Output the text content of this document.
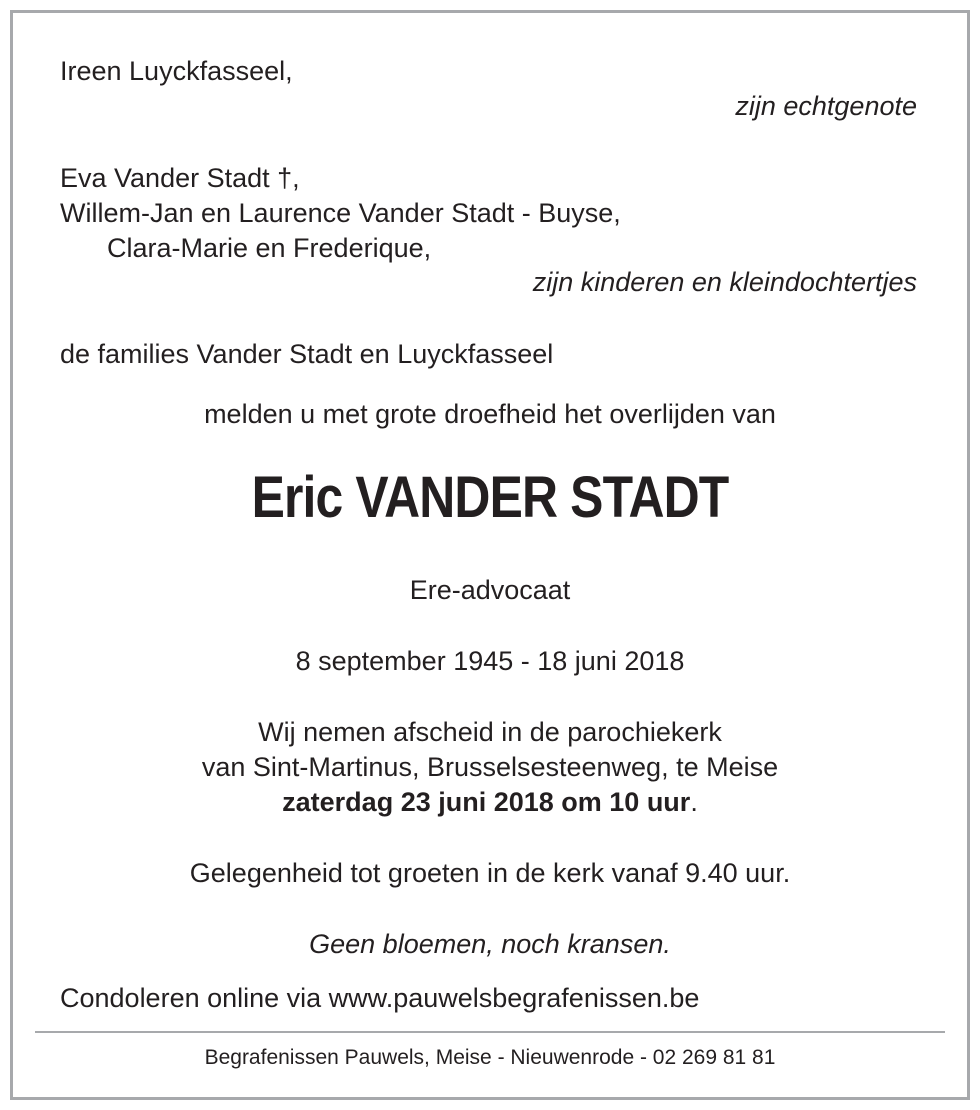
Ireen Luyckfasseel,
zijn echtgenote
Eva Vander Stadt †,
Willem-Jan en Laurence Vander Stadt - Buyse,
Clara-Marie en Frederique,
zijn kinderen en kleindochtertjes
de families Vander Stadt en Luyckfasseel
melden u met grote droefheid het overlijden van
Eric VANDER STADT
Ere-advocaat
8 september 1945 - 18 juni 2018
Wij nemen afscheid in de parochiekerk
van Sint-Martinus, Brusselsesteenweg, te Meise
zaterdag 23 juni 2018 om 10 uur.
Gelegenheid tot groeten in de kerk vanaf 9.40 uur.
Geen bloemen, noch kransen.
Condoleren online via www.pauwelsbegrafenissen.be
Begrafenissen Pauwels, Meise - Nieuwenrode - 02 269 81 81
